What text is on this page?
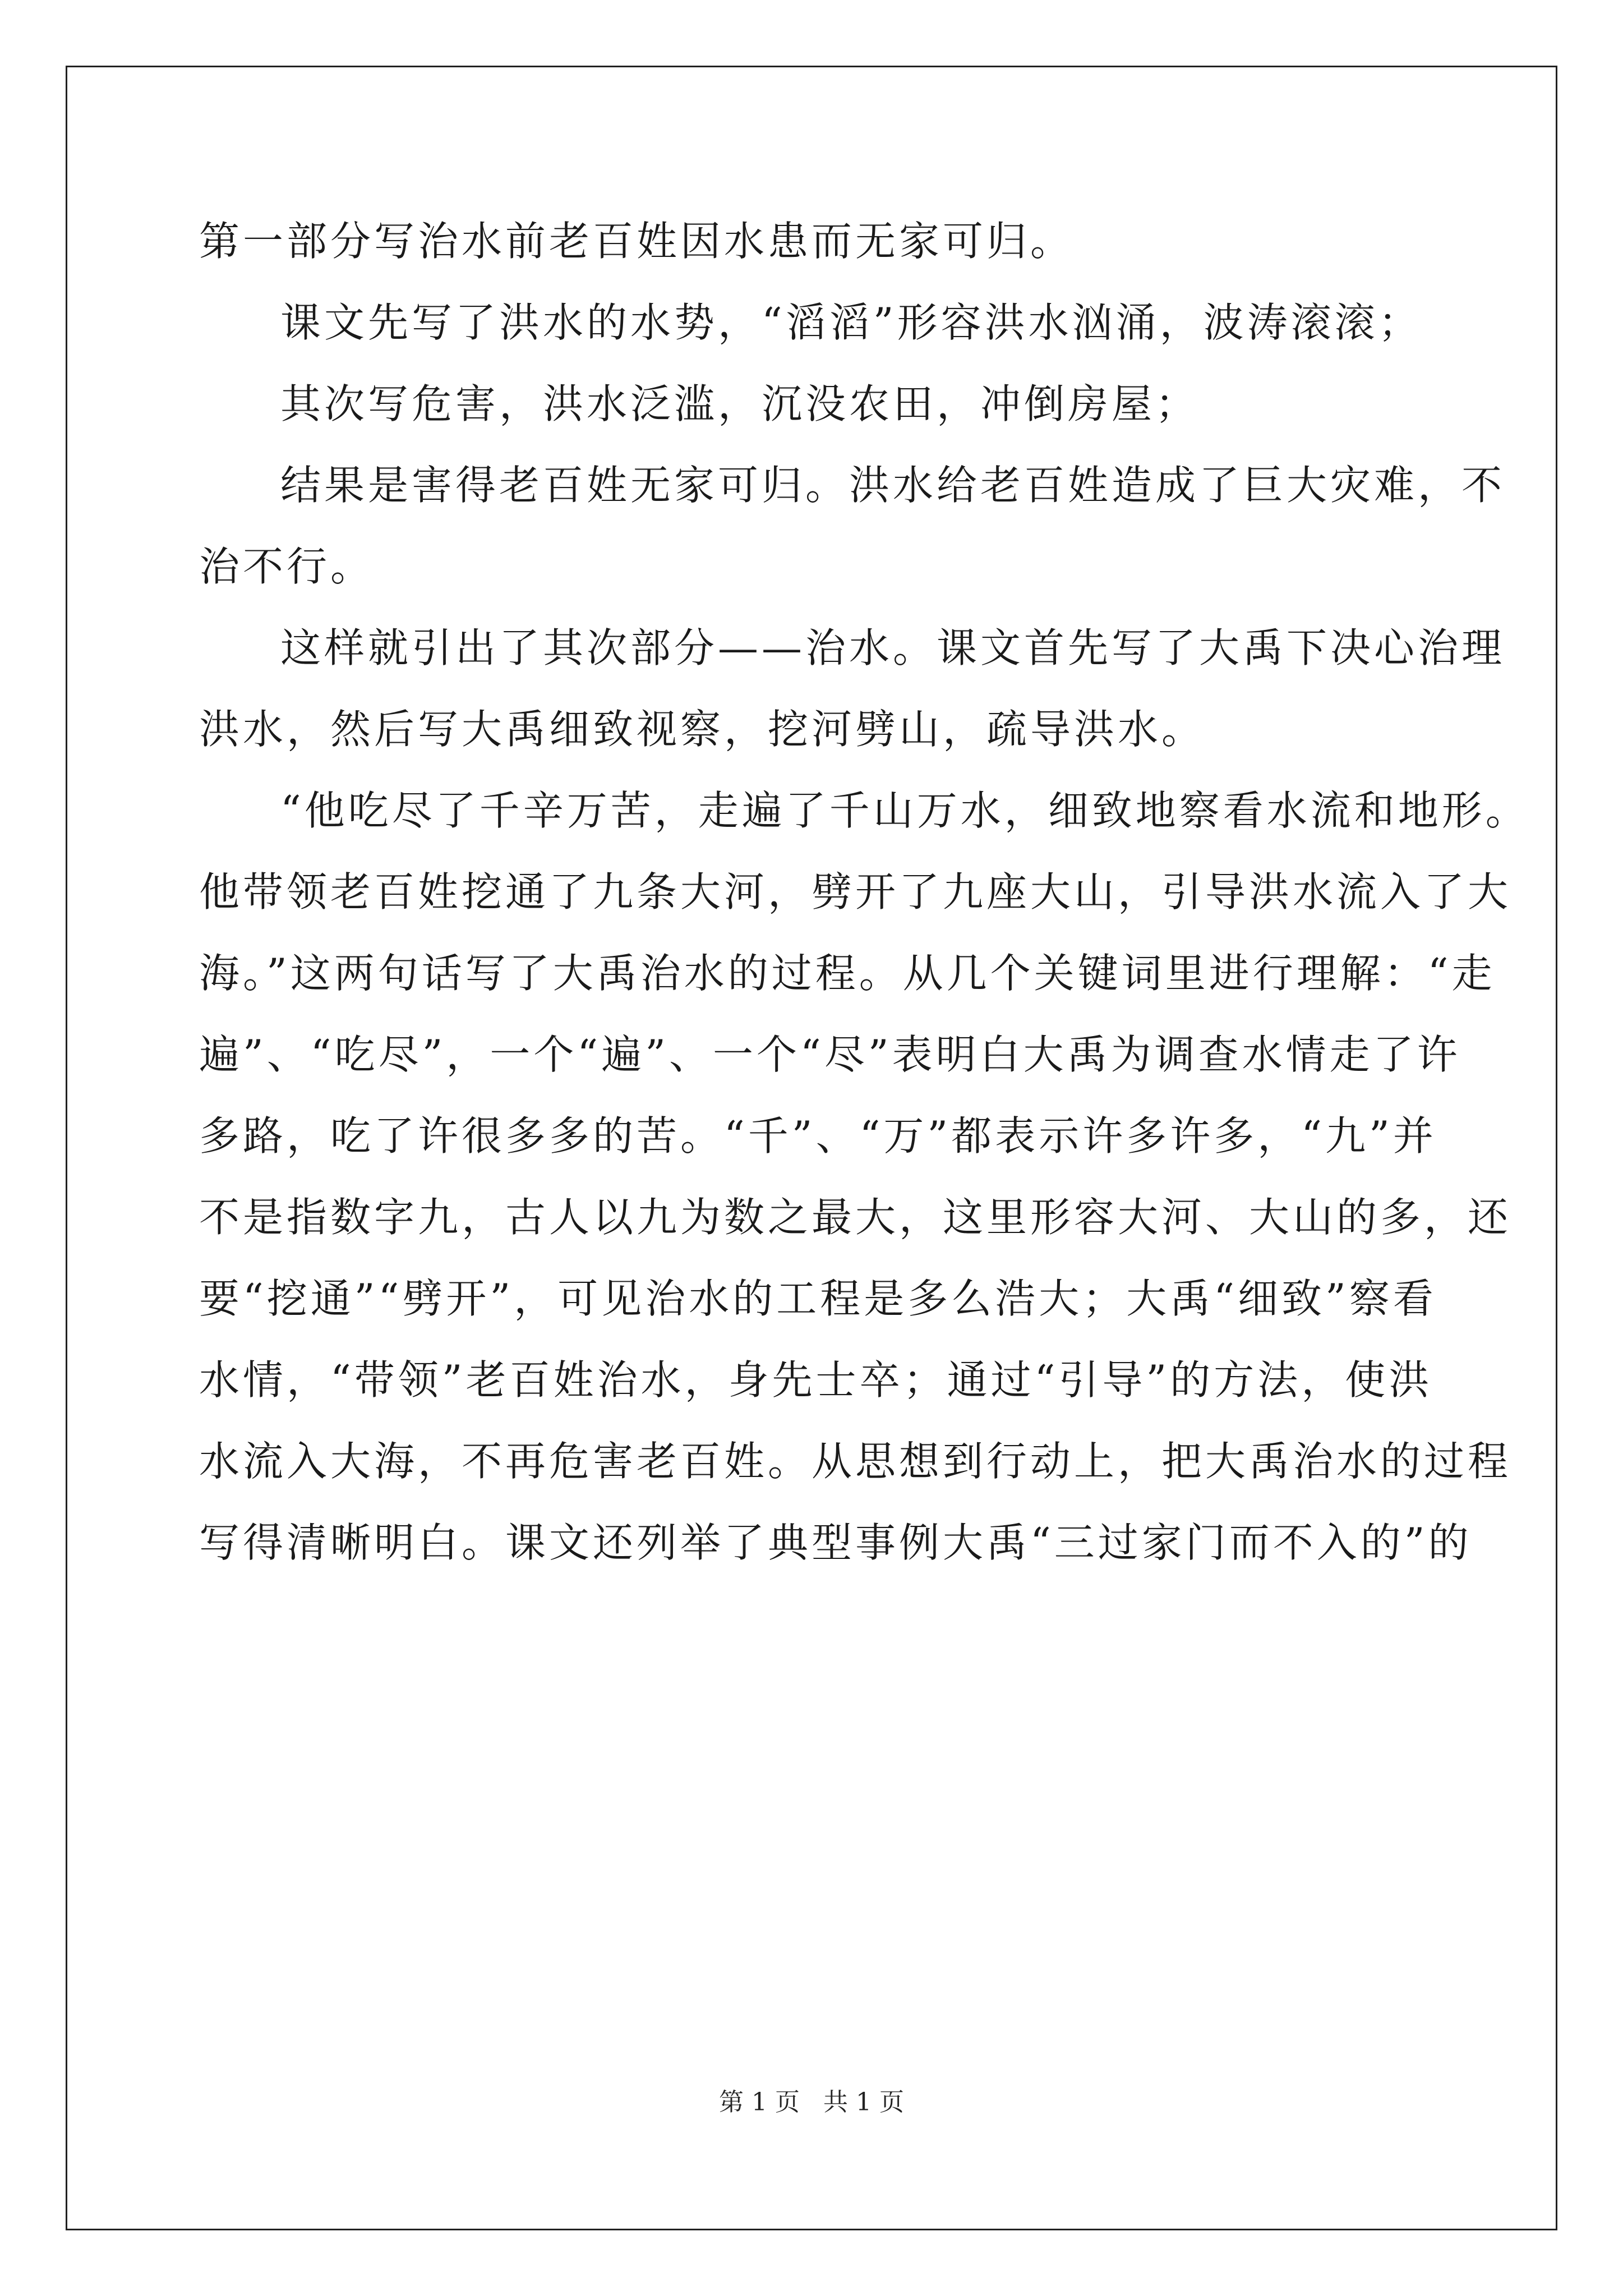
第一部分写治水前老百姓因水患而无家可归。
课文先写了洪水的水势，“滔滔”形容洪水汹涌，波涛滚滚；
其次写危害，洪水泛滥，沉没农田，冲倒房屋；
结果是害得老百姓无家可归。洪水给老百姓造成了巨大灾难，不
治不行。
这样就引出了其次部分——治水。课文首先写了大禹下决心治理
洪水，然后写大禹细致视察，挖河劈山，疏导洪水。
“他吃尽了千辛万苦，走遍了千山万水，细致地察看水流和地形。
他带领老百姓挖通了九条大河，劈开了九座大山，引导洪水流入了大
海。”这两句话写了大禹治水的过程。从几个关键词里进行理解：“走
遍”、“吃尽”，一个“遍”、一个“尽”表明白大禹为调查水情走了许
多路，吃了许很多多的苦。“千”、“万”都表示许多许多，“九”并
不是指数字九，古人以九为数之最大，这里形容大河、大山的多，还
要“挖通”“劈开”，可见治水的工程是多么浩大；大禹“细致”察看
水情，“带领”老百姓治水，身先士卒；通过“引导”的方法，使洪
水流入大海，不再危害老百姓。从思想到行动上，把大禹治水的过程
写得清晰明白。课文还列举了典型事例大禹“三过家门而不入的”的
第 1 页 共 1 页
